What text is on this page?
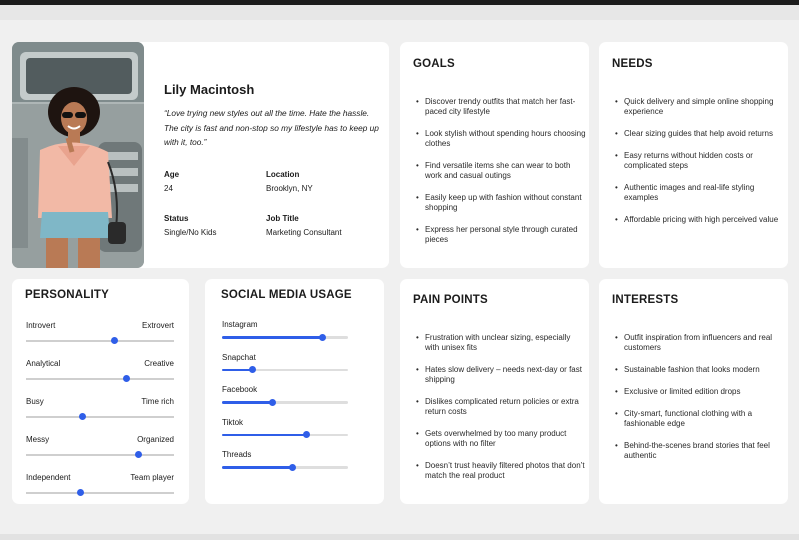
Lily Macintosh
“Love trying new styles out all the time. Hate the hassle. The city is fast and non-stop so my lifestyle has to keep up with it, too.”
Age
24
Location
Brooklyn, NY
Status
Single/No Kids
Job Title
Marketing Consultant
GOALS
• Discover trendy outfits that match her fast-paced city lifestyle
• Look stylish without spending hours choosing clothes
• Find versatile items she can wear to both work and casual outings
• Easily keep up with fashion without constant shopping
• Express her personal style through curated pieces
NEEDS
• Quick delivery and simple online shopping experience
• Clear sizing guides that help avoid returns
• Easy returns without hidden costs or complicated steps
• Authentic images and real-life styling examples
• Affordable pricing with high perceived value
PERSONALITY
Introvert	Extrovert
Analytical	Creative
Busy	Time rich
Messy	Organized
Independent	Team player
SOCIAL MEDIA USAGE
Instagram
Snapchat
Facebook
Tiktok
Threads
PAIN POINTS
• Frustration with unclear sizing, especially with unisex fits
• Hates slow delivery – needs next-day or fast shipping
• Dislikes complicated return policies or extra return costs
• Gets overwhelmed by too many product options with no filter
• Doesn’t trust heavily filtered photos that don’t match the real product
INTERESTS
• Outfit inspiration from influencers and real customers
• Sustainable fashion that looks modern
• Exclusive or limited edition drops
• City-smart, functional clothing with a fashionable edge
• Behind-the-scenes brand stories that feel authentic
